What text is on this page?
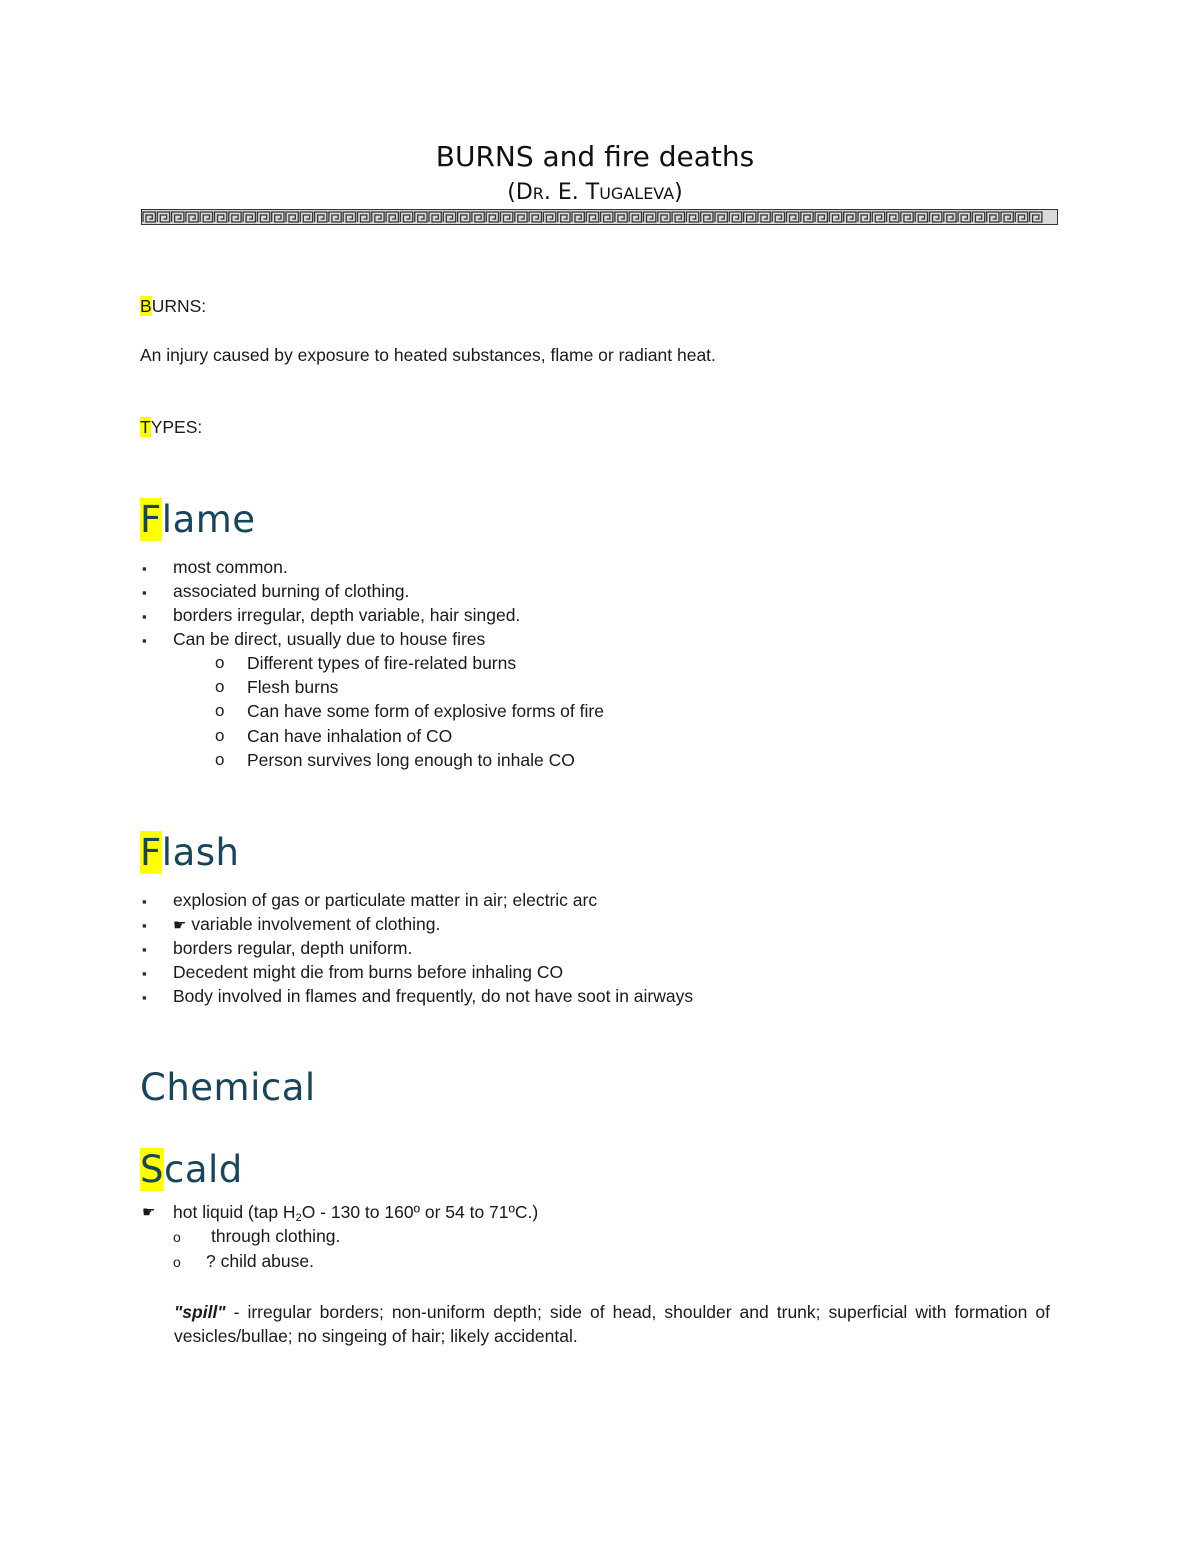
BURNS and fire deaths
(DR. E. TUGALEVA)
BURNS:
An injury caused by exposure to heated substances, flame or radiant heat.
TYPES:
Flame
▪ most common.
▪ associated burning of clothing.
▪ borders irregular, depth variable, hair singed.
▪ Can be direct, usually due to house fires
o Different types of fire-related burns
o Flesh burns
o Can have some form of explosive forms of fire
o Can have inhalation of CO
o Person survives long enough to inhale CO
Flash
▪ explosion of gas or particulate matter in air; electric arc
▪ ☛ variable involvement of clothing.
▪ borders regular, depth uniform.
▪ Decedent might die from burns before inhaling CO
▪ Body involved in flames and frequently, do not have soot in airways
Chemical
Scald
☛ hot liquid (tap $H_2O - 130$ to 160º or 54 to 71ºC.)
o through clothing.
o ? child abuse.
"spill" - irregular borders; non-uniform depth; side of head, shoulder and trunk; superficial with formation of vesicles/bullae; no singeing of hair; likely accidental.
